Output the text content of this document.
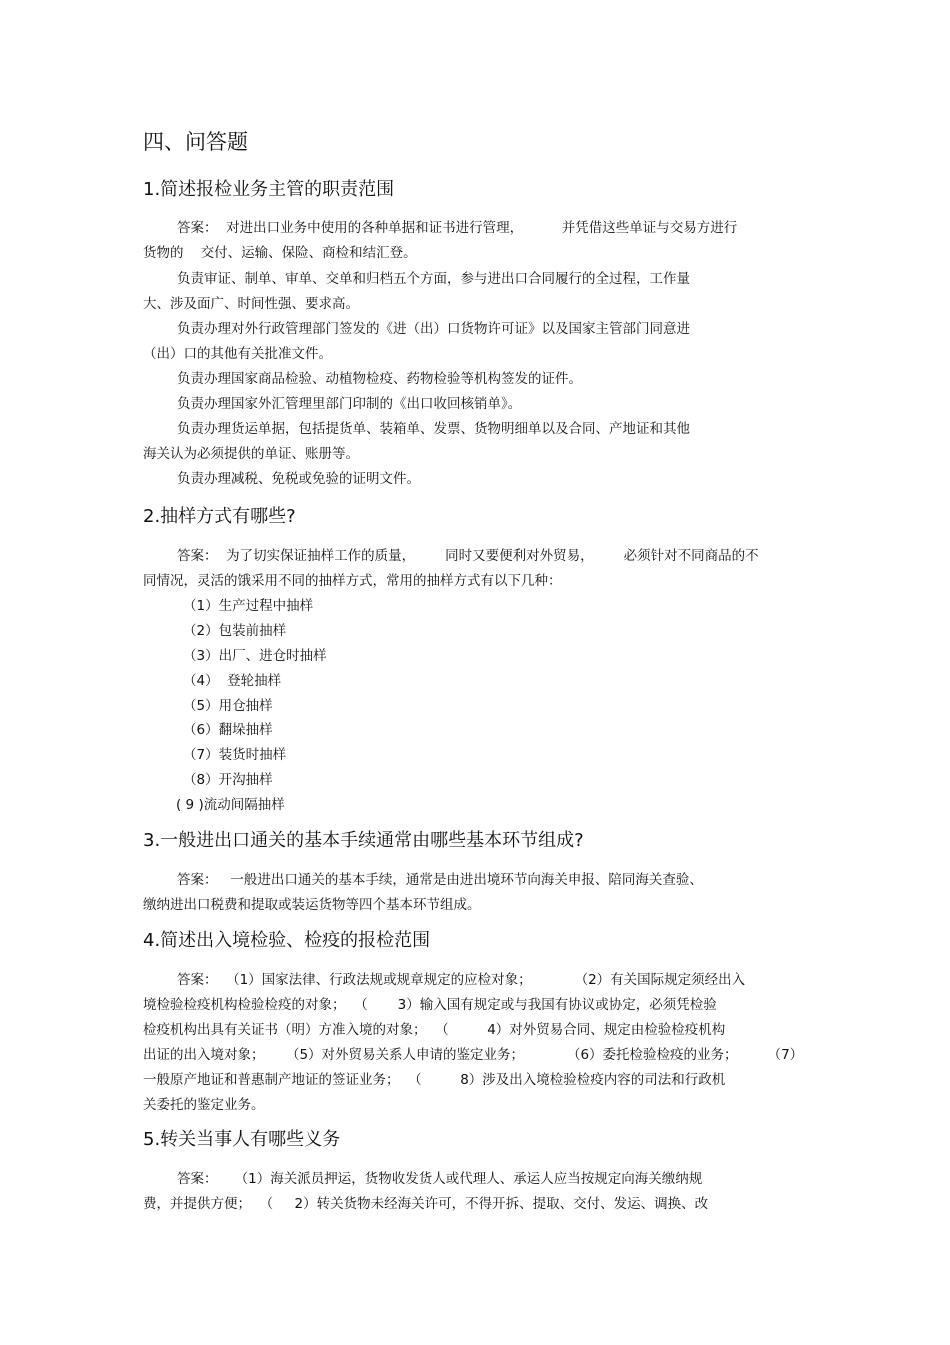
四、问答题
1.简述报检业务主管的职责范围
答案：  对进出口业务中使用的各种单据和证书进行管理，         并凭借这些单证与交易方进行
货物的    交付、运输、保险、商检和结汇登。
负责审证、制单、审单、交单和归档五个方面，参与进出口合同履行的全过程，工作量
大、涉及面广、时间性强、要求高。
负责办理对外行政管理部门签发的《进（出）口货物许可证》以及国家主管部门同意进
（出）口的其他有关批准文件。
负责办理国家商品检验、动植物检疫、药物检验等机构签发的证件。
负责办理国家外汇管理里部门印制的《出口收回核销单》。
负责办理货运单据，包括提货单、装箱单、发票、货物明细单以及合同、产地证和其他
海关认为必须提供的单证、账册等。
负责办理减税、免税或免验的证明文件。
2.抽样方式有哪些?
答案：  为了切实保证抽样工作的质量，       同时又要便利对外贸易，       必须针对不同商品的不
同情况，灵活的饿采用不同的抽样方式，常用的抽样方式有以下几种：
（1）生产过程中抽样
（2）包装前抽样
（3）出厂、进仓时抽样
（4）  登轮抽样
（5）用仓抽样
（6）翻垛抽样
（7）装货时抽样
（8）开沟抽样
( 9 )流动间隔抽样
3.一般进出口通关的基本手续通常由哪些基本环节组成?
答案：   一般进出口通关的基本手续，通常是由进出境环节向海关申报、陪同海关查验、
缴纳进出口税费和提取或装运货物等四个基本环节组成。
4.简述出入境检验、检疫的报检范围
答案：  （1）国家法律、行政法规或规章规定的应检对象；          （2）有关国际规定须经出入
境检验检疫机构检验检疫的对象；  （       3）输入国有规定或与我国有协议或协定，必须凭检验
检疫机构出具有关证书（明）方准入境的对象；  （         4）对外贸易合同、规定由检验检疫机构
出证的出入境对象；     （5）对外贸易关系人申请的鉴定业务；          （6）委托检验检疫的业务；       （7）
一般原产地证和普惠制产地证的签证业务；  （         8）涉及出入境检验检疫内容的司法和行政机
关委托的鉴定业务。
5.转关当事人有哪些义务
答案：    （1）海关派员押运，货物收发货人或代理人、承运人应当按规定向海关缴纳规
费，并提供方便；  （     2）转关货物未经海关许可，不得开拆、提取、交付、发运、调换、改
